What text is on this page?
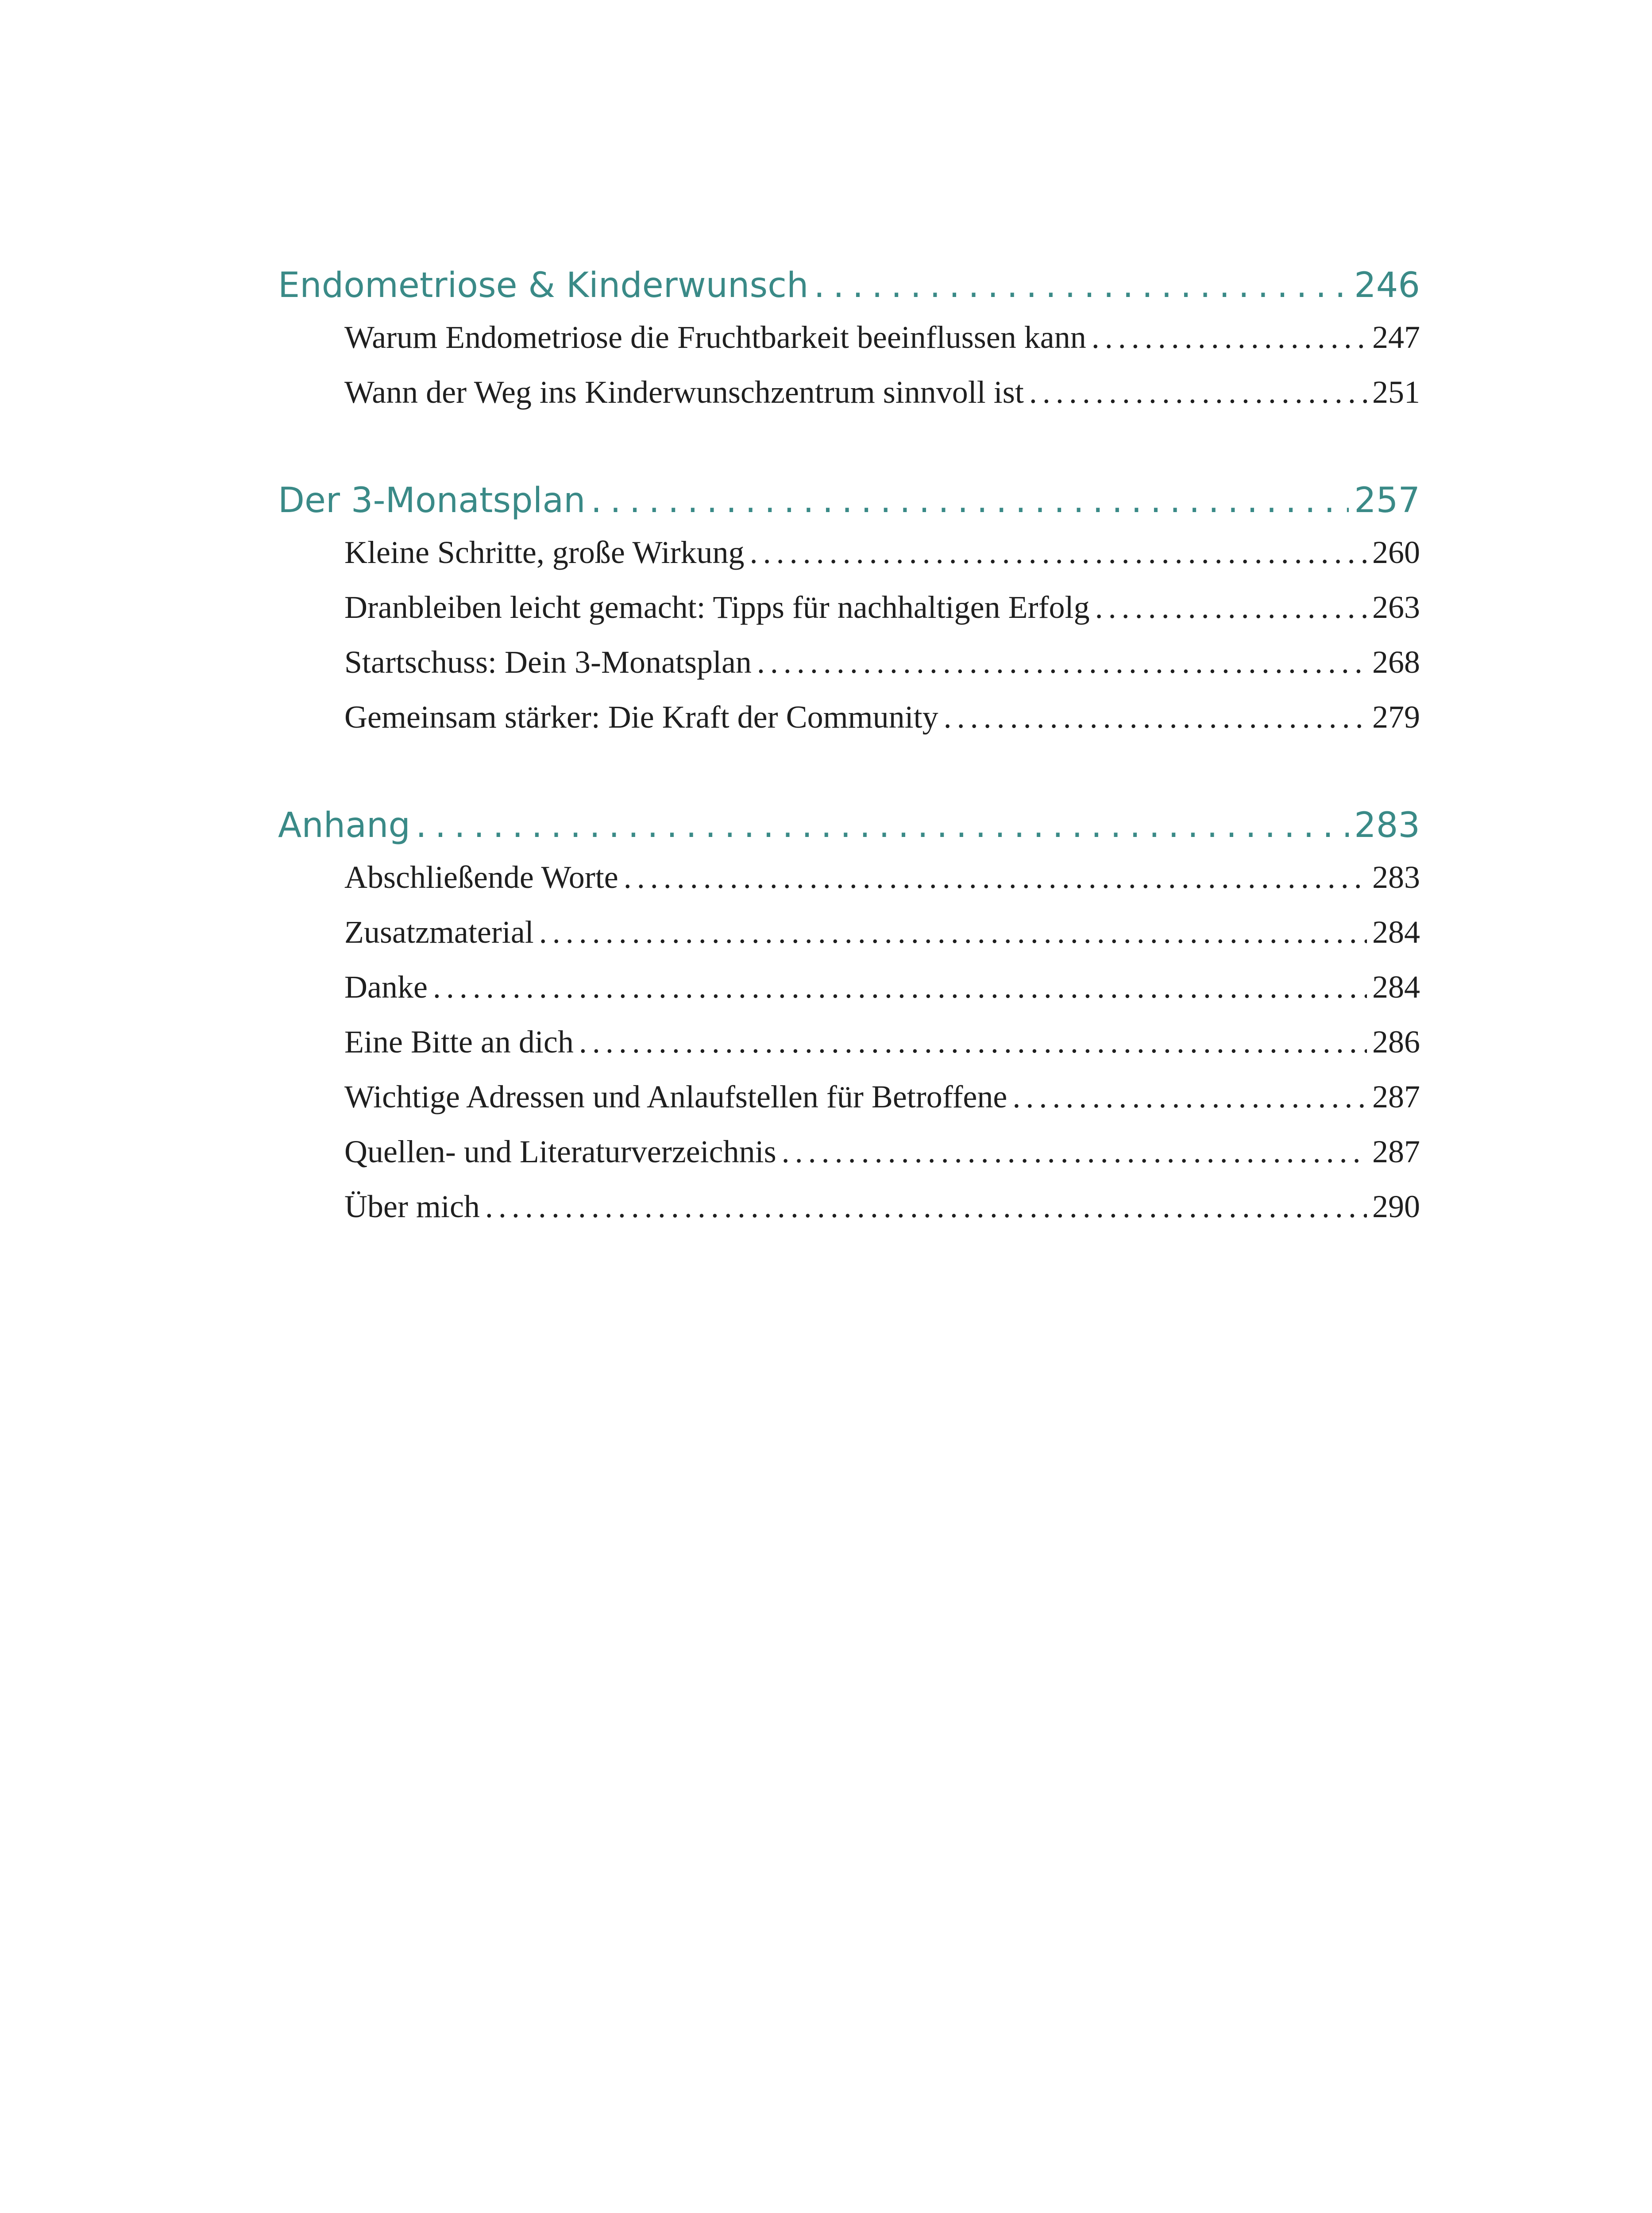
Endometriose & Kinderwunsch . . .	246
Warum Endometriose die Fruchtbarkeit beeinflussen kann . . .	247
Wann der Weg ins Kinderwunschzentrum sinnvoll ist . . .	251
Der 3-Monatsplan . . .	257
Kleine Schritte, große Wirkung . . .	260
Dranbleiben leicht gemacht: Tipps für nachhaltigen Erfolg . . .	263
Startschuss: Dein 3-Monatsplan . . .	268
Gemeinsam stärker: Die Kraft der Community . . .	279
Anhang . . .	283
Abschließende Worte . . .	283
Zusatzmaterial . . .	284
Danke . . .	284
Eine Bitte an dich . . .	286
Wichtige Adressen und Anlaufstellen für Betroffene . . .	287
Quellen- und Literaturverzeichnis . . .	287
Über mich . . .	290
